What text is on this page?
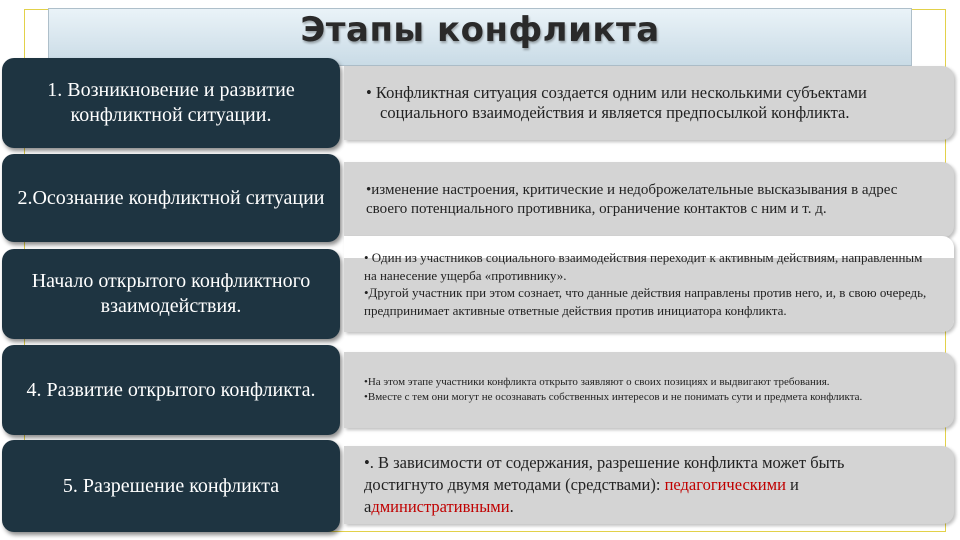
Этапы конфликта
1. Возникновение и развитие конфликтной ситуации.
• Конфликтная ситуация создается одним или несколькими субъектами социального взаимодействия и является предпосылкой конфликта.
2.Осознание конфликтной ситуации	•изменение настроения, критические и недоброжелательные высказывания в адрес своего потенциального противника, ограничение контактов с ним и т. д.
Начало открытого конфликтного взаимодействия.
• Один из участников социального взаимодействия переходит к активным действиям, направленным на нанесение ущерба «противнику».
•Другой участник при этом сознает, что данные действия направлены против него, и, в свою очередь, предпринимает активные ответные действия против инициатора конфликта.
4. Развитие открытого конфликта.	•На этом этапе участники конфликта открыто заявляют о своих позициях и выдвигают требования.
•Вместе с тем они могут не осознавать собственных интересов и не понимать сути и предмета конфликта.
5. Разрешение конфликта
•. В зависимости от содержания, разрешение конфликта может быть достигнуто двумя методами (средствами): педагогическими и административными.
